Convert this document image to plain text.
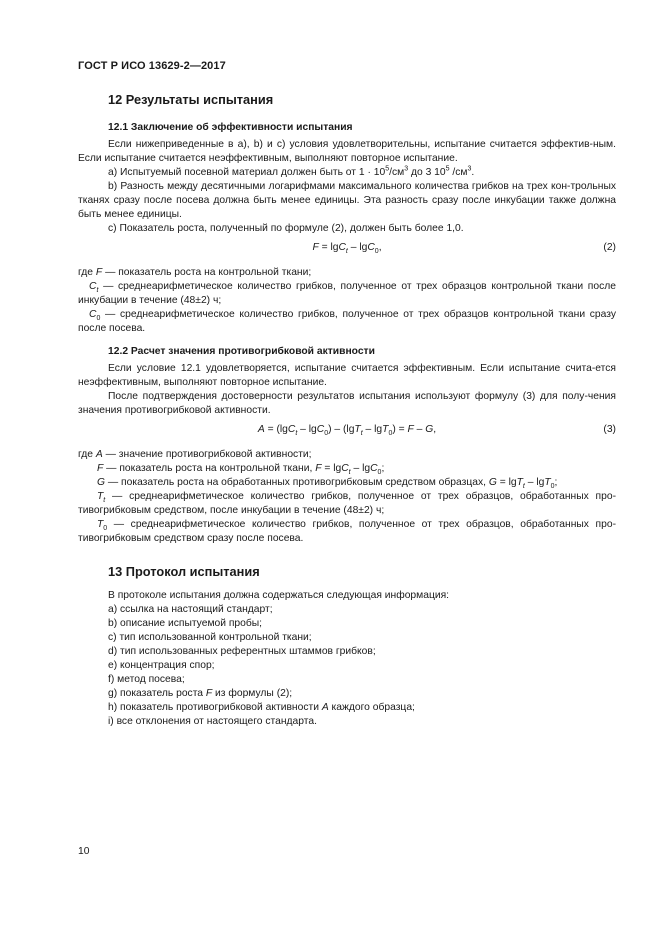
ГОСТ Р ИСО 13629-2—2017
12 Результаты испытания
12.1 Заключение об эффективности испытания

Если нижеприведенные в а), b) и с) условия удовлетворительны, испытание считается эффектив-ным. Если испытание считается неэффективным, выполняют повторное испытание.

а) Испытуемый посевной материал должен быть от $1 \cdot 10^5/см^3$ до 3 $10^5$ $/см^3$.

b) Разность между десятичными логарифмами максимального количества грибков на трех кон-трольных тканях сразу после посева должна быть менее единицы. Эта разность сразу после инкубации также должна быть менее единицы.

с) Показатель роста, полученный по формуле (2), должен быть более 1,0.

F = lgC$_t$ – lgC$_0$,	(2)

где F — показатель роста на контрольной ткани;

$C_t$ — среднеарифметическое количество грибков, полученное от трех образцов контрольной ткани после инкубации в течение (48±2) ч;

$C_0$ — среднеарифметическое количество грибков, полученное от трех образцов контрольной ткани сразу после посева.

12.2 Расчет значения противогрибковой активности

Если условие 12.1 удовлетворяется, испытание считается эффективным. Если испытание счита-ется неэффективным, выполняют повторное испытание.

После подтверждения достоверности результатов испытания используют формулу (3) для полу-чения значения противогрибковой активности.

A = (lgC$_t$ – lgC$_0$) – (lgT$_t$ – lgT$_0$) = F – G,	(3)

где A — значение противогрибковой активности;

F — показатель роста на контрольной ткани, F = lgC$_t$ – lgC$_0$;

G — показатель роста на обработанных противогрибковым средством образцах, G = lgT$_t$ – lgT$_0$;

$T_t$ — среднеарифметическое количество грибков, полученное от трех образцов, обработанных про-тивогрибковым средством, после инкубации в течение (48±2) ч;

$T_0$ — среднеарифметическое количество грибков, полученное от трех образцов, обработанных про-тивогрибковым средством сразу после посева.

13 Протокол испытания

В протоколе испытания должна содержаться следующая информация:

а) ссылка на настоящий стандарт;

b) описание испытуемой пробы;

с) тип использованной контрольной ткани;

d) тип использованных референтных штаммов грибков;

е) концентрация спор;

f) метод посева;

g) показатель роста F из формулы (2);

h) показатель противогрибковой активности A каждого образца;

i) все отклонения от настоящего стандарта.

10
